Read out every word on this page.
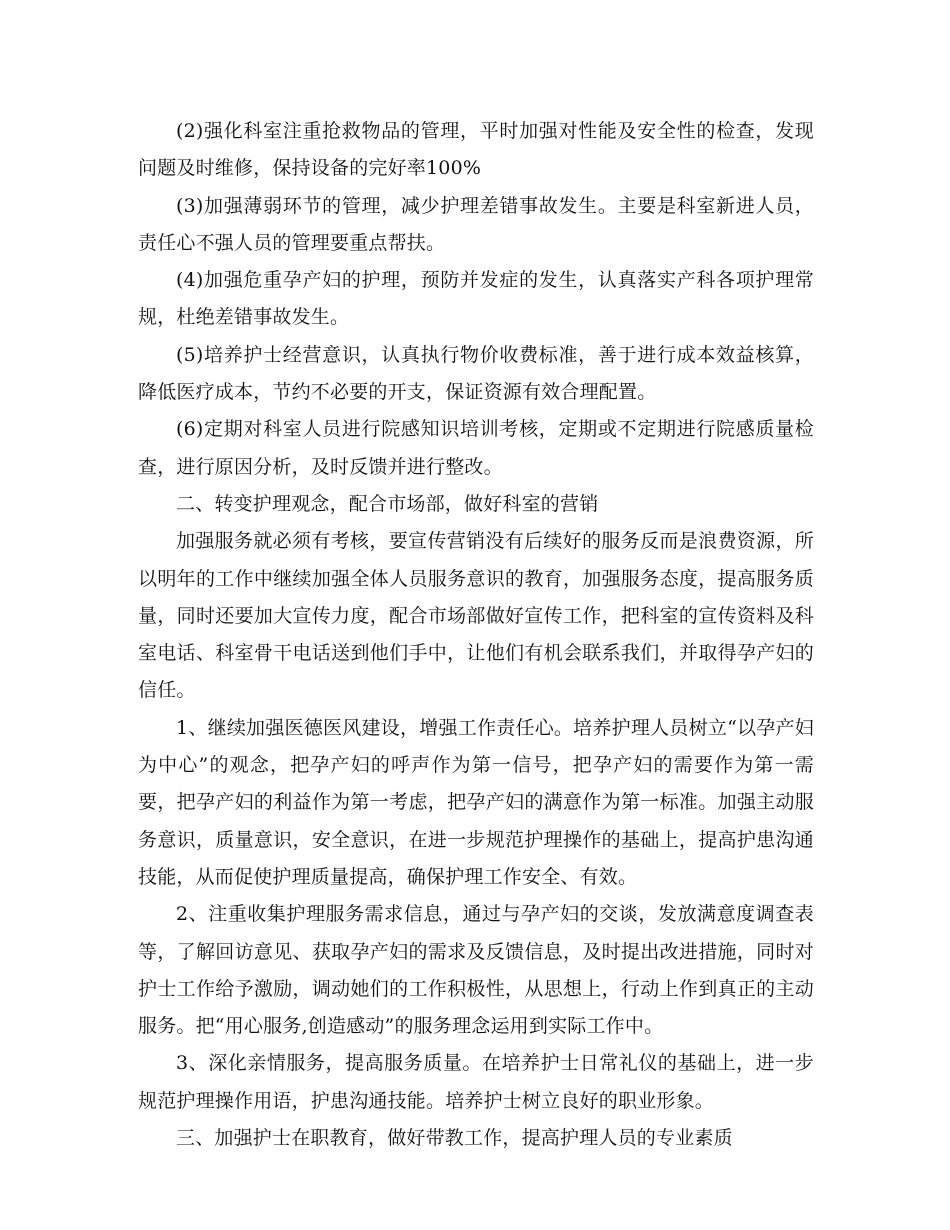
(2)强化科室注重抢救物品的管理，平时加强对性能及安全性的检查，发现问题及时维修，保持设备的完好率100%

(3)加强薄弱环节的管理，减少护理差错事故发生。主要是科室新进人员，责任心不强人员的管理要重点帮扶。

(4)加强危重孕产妇的护理，预防并发症的发生，认真落实产科各项护理常规，杜绝差错事故发生。

(5)培养护士经营意识，认真执行物价收费标准，善于进行成本效益核算，降低医疗成本，节约不必要的开支，保证资源有效合理配置。

(6)定期对科室人员进行院感知识培训考核，定期或不定期进行院感质量检查，进行原因分析，及时反馈并进行整改。

二、转变护理观念，配合市场部，做好科室的营销

加强服务就必须有考核，要宣传营销没有后续好的服务反而是浪费资源，所以明年的工作中继续加强全体人员服务意识的教育，加强服务态度，提高服务质量，同时还要加大宣传力度，配合市场部做好宣传工作，把科室的宣传资料及科室电话、科室骨干电话送到他们手中，让他们有机会联系我们，并取得孕产妇的信任。

1、继续加强医德医风建设，增强工作责任心。培养护理人员树立“以孕产妇为中心”的观念，把孕产妇的呼声作为第一信号，把孕产妇的需要作为第一需要，把孕产妇的利益作为第一考虑，把孕产妇的满意作为第一标准。加强主动服务意识，质量意识，安全意识，在进一步规范护理操作的基础上，提高护患沟通技能，从而促使护理质量提高，确保护理工作安全、有效。

2、注重收集护理服务需求信息，通过与孕产妇的交谈，发放满意度调查表等，了解回访意见、获取孕产妇的需求及反馈信息，及时提出改进措施，同时对护士工作给予激励，调动她们的工作积极性，从思想上，行动上作到真正的主动服务。把“用心服务,创造感动”的服务理念运用到实际工作中。

3、深化亲情服务，提高服务质量。在培养护士日常礼仪的基础上，进一步规范护理操作用语，护患沟通技能。培养护士树立良好的职业形象。

三、加强护士在职教育，做好带教工作，提高护理人员的专业素质
